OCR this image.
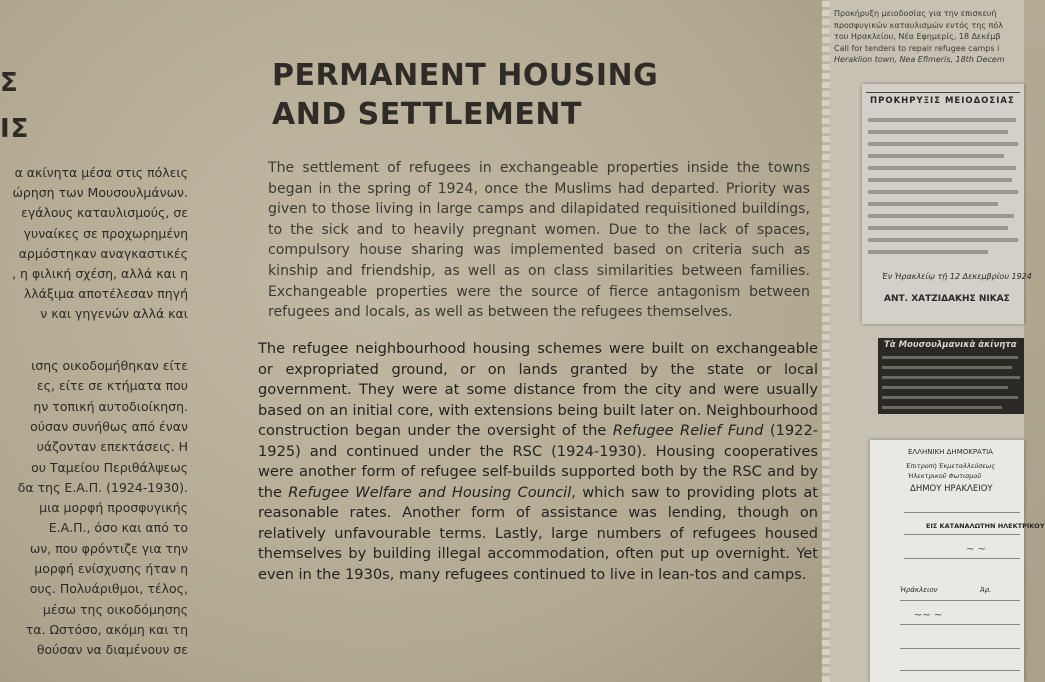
Σ
ΙΣ
α ακίνητα μέσα στις πόλεις
ώρηση των Μουσουλμάνων.
εγάλους καταυλισμούς, σε
γυναίκες σε προχωρημένη
αρμόστηκαν αναγκαστικές
, η φιλική σχέση, αλλά και η
λλάξιμα αποτέλεσαν πηγή
ν και γηγενών αλλά και
ισης οικοδομήθηκαν είτε
ες, είτε σε κτήματα που
ην τοπική αυτοδιοίκηση.
ούσαν συνήθως από έναν
υάζονταν επεκτάσεις. Η
ου Ταμείου Περιθάλψεως
δα της Ε.Α.Π. (1924-1930).
μια μορφή προσφυγικής
Ε.Α.Π., όσο και από το
ων, που φρόντιζε για την
μορφή ενίσχυσης ήταν η
ους. Πολυάριθμοι, τέλος,
μέσω της οικοδόμησης
τα. Ωστόσο, ακόμη και τη
θούσαν να διαμένουν σε
PERMANENT HOUSING
AND SETTLEMENT
The settlement of refugees in exchangeable properties inside the towns began in the spring of 1924, once the Muslims had departed. Priority was given to those living in large camps and dilapidated requisitioned buildings, to the sick and to heavily pregnant women. Due to the lack of spaces, compulsory house sharing was implemented based on criteria such as kinship and friendship, as well as on class similarities between families. Exchangeable properties were the source of fierce antagonism between refugees and locals, as well as between the refugees themselves.
The refugee neighbourhood housing schemes were built on exchangeable or expropriated ground, or on lands granted by the state or local government. They were at some distance from the city and were usually based on an initial core, with extensions being built later on. Neighbourhood construction began under the oversight of the Refugee Relief Fund (1922-1925) and continued under the RSC (1924-1930). Housing cooperatives were another form of refugee self-builds supported both by the RSC and by the Refugee Welfare and Housing Council, which saw to providing plots at reasonable rates. Another form of assistance was lending, though on relatively unfavourable terms. Lastly, large numbers of refugees housed themselves by building illegal accommodation, often put up overnight. Yet even in the 1930s, many refugees continued to live in lean-tos and camps.
Προκήρυξη μειοδοσίας για την επισκευή
προσφυγικών καταυλισμών εντός της πόλ
του Ηρακλείου, Νέα Εφημερίς, 18 Δεκέμβ
Call for tenders to repair refugee camps i
Heraklion town, Nea Efimeris, 18th Decem
ΠΡΟΚΗΡΥΞΙΣ ΜΕΙΟΔΟΣΙΑΣ
Ἐν Ἡρακλείῳ τῇ 12 Δεκεμβρίου 1924
ΑΝΤ. ΧΑΤΖΙΔΑΚΗΣ ΝΙΚΑΣ
Τὰ Μουσουλμανικὰ ἀκίνητα
ΕΛΛΗΝΙΚΗ ΔΗΜΟΚΡΑΤΙΑ
Ἐπιτροπὴ Ἐκμεταλλεύσεως
Ἠλεκτρικοῦ Φωτισμοῦ
ΔΗΜΟΥ ΗΡΑΚΛΕΙΟΥ
ΕΙΣ ΚΑΤΑΝΑΛΩΤΗΝ ΗΛΕΚΤΡΙΚΟΥ
~ ~
Ἡράκλειον	Ἀρ.
~~ ~
